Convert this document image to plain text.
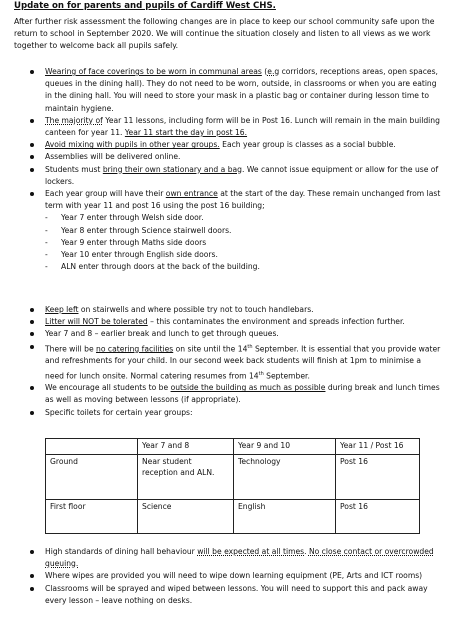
Update on for parents and pupils of Cardiff West CHS.
After further risk assessment the following changes are in place to keep our school community safe upon the return to school in September 2020. We will continue the situation closely and listen to all views as we work together to welcome back all pupils safely.
Wearing of face coverings to be worn in communal areas (e.g corridors, receptions areas, open spaces, queues in the dining hall). They do not need to be worn, outside, in classrooms or when you are eating in the dining hall. You will need to store your mask in a plastic bag or container during lesson time to maintain hygiene.
The majority of Year 11 lessons, including form will be in Post 16. Lunch will remain in the main building canteen for year 11. Year 11 start the day in post 16.
Avoid mixing with pupils in other year groups. Each year group is classes as a social bubble.
Assemblies will be delivered online.
Students must bring their own stationary and a bag. We cannot issue equipment or allow for the use of lockers.
Each year group will have their own entrance at the start of the day. These remain unchanged from last term with year 11 and post 16 using the post 16 building;
- Year 7 enter through Welsh side door.
- Year 8 enter through Science stairwell doors.
- Year 9 enter through Maths side doors
- Year 10 enter through English side doors.
- ALN enter through doors at the back of the building.
Keep left on stairwells and where possible try not to touch handlebars.
Litter will NOT be tolerated – this contaminates the environment and spreads infection further.
Year 7 and 8 – earlier break and lunch to get through queues.
There will be no catering facilities on site until the 14th September. It is essential that you provide water and refreshments for your child. In our second week back students will finish at 1pm to minimise a need for lunch onsite. Normal catering resumes from 14th September.
We encourage all students to be outside the building as much as possible during break and lunch times as well as moving between lessons (if appropriate).
Specific toilets for certain year groups:
	Year 7 and 8	Year 9 and 10	Year 11 / Post 16
Ground	Near student reception and ALN.	Technology	Post 16
First floor	Science	English	Post 16
High standards of dining hall behaviour will be expected at all times. No close contact or overcrowded queuing.
Where wipes are provided you will need to wipe down learning equipment (PE, Arts and ICT rooms)
Classrooms will be sprayed and wiped between lessons. You will need to support this and pack away every lesson – leave nothing on desks.
